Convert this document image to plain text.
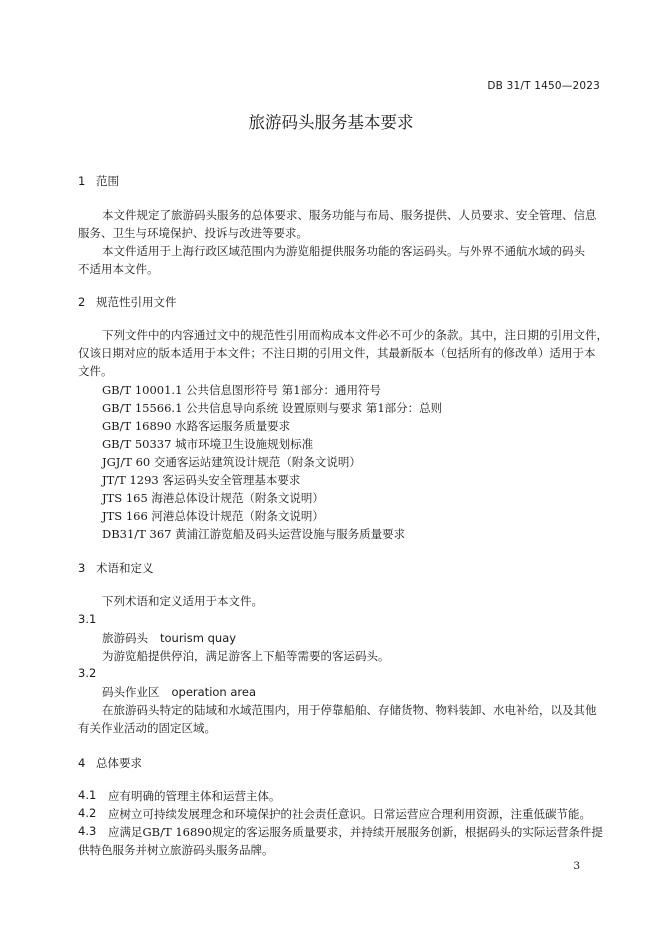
DB 31/T 1450—2023
旅游码头服务基本要求
1 范围
本文件规定了旅游码头服务的总体要求、服务功能与布局、服务提供、人员要求、安全管理、信息
服务、卫生与环境保护、投诉与改进等要求。
本文件适用于上海行政区域范围内为游览船提供服务功能的客运码头。与外界不通航水域的码头
不适用本文件。
2 规范性引用文件
下列文件中的内容通过文中的规范性引用而构成本文件必不可少的条款。其中，注日期的引用文件，
仅该日期对应的版本适用于本文件；不注日期的引用文件，其最新版本（包括所有的修改单）适用于本
文件。
GB/T 10001.1 公共信息图形符号 第1部分：通用符号
GB/T 15566.1 公共信息导向系统 设置原则与要求 第1部分：总则
GB/T 16890 水路客运服务质量要求
GB/T 50337 城市环境卫生设施规划标准
JGJ/T 60 交通客运站建筑设计规范（附条文说明）
JT/T 1293 客运码头安全管理基本要求
JTS 165 海港总体设计规范（附条文说明）
JTS 166 河港总体设计规范（附条文说明）
DB31/T 367 黄浦江游览船及码头运营设施与服务质量要求
3 术语和定义
下列术语和定义适用于本文件。
3.1
旅游码头 tourism quay
为游览船提供停泊，满足游客上下船等需要的客运码头。
3.2
码头作业区 operation area
在旅游码头特定的陆域和水域范围内，用于停靠船舶、存储货物、物料装卸、水电补给，以及其他
有关作业活动的固定区域。
4 总体要求
4.1 应有明确的管理主体和运营主体。
4.2 应树立可持续发展理念和环境保护的社会责任意识。日常运营应合理利用资源，注重低碳节能。
4.3 应满足GB/T 16890规定的客运服务质量要求，并持续开展服务创新，根据码头的实际运营条件提
供特色服务并树立旅游码头服务品牌。
3
